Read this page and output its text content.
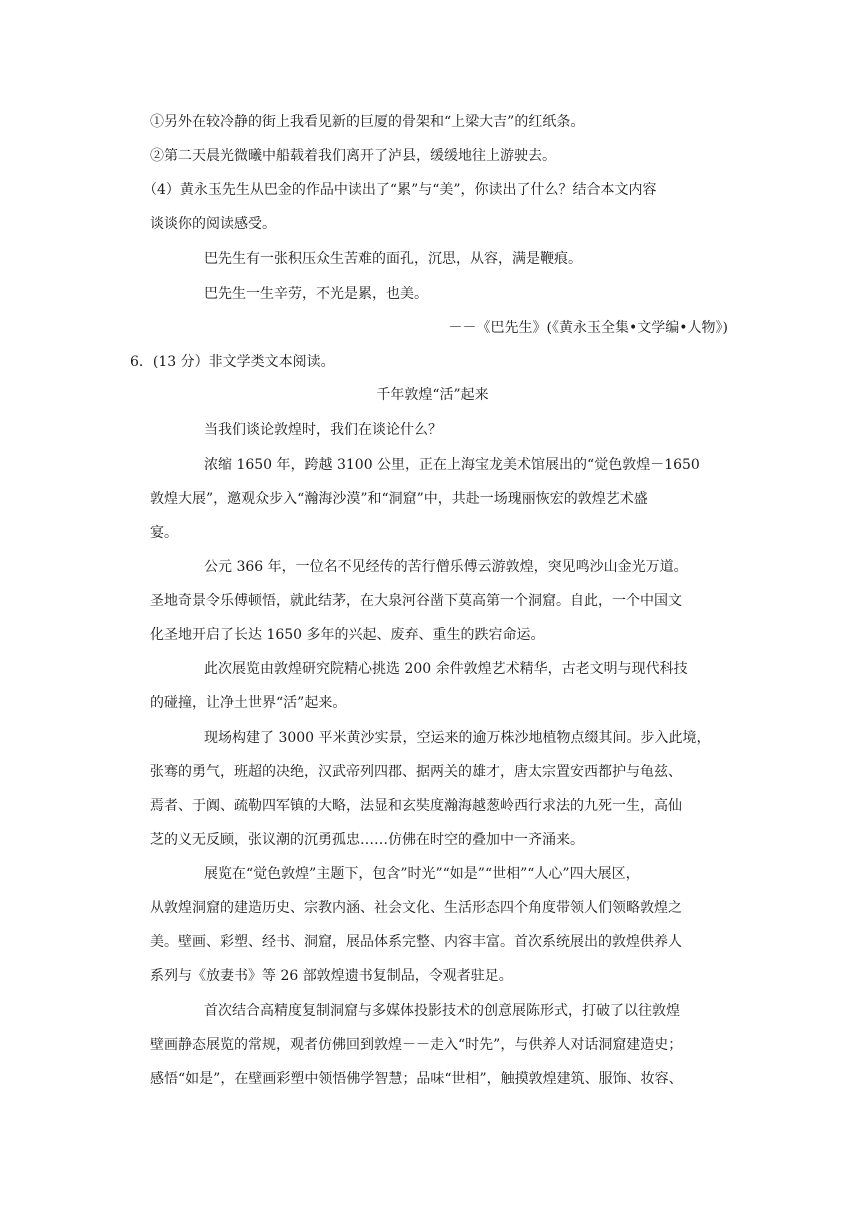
①另外在较冷静的街上我看见新的巨厦的骨架和“上梁大吉”的红纸条。
②第二天晨光微曦中船载着我们离开了泸县，缓缓地往上游驶去。
（4）黄永玉先生从巴金的作品中读出了“累”与“美”，你读出了什么？结合本文内容
谈谈你的阅读感受。
巴先生有一张积压众生苦难的面孔，沉思，从容，满是鞭痕。
巴先生一生辛劳，不光是累，也美。
－－《巴先生》(《黄永玉全集•文学编•人物》)
6．(13 分）非文学类文本阅读。
千年敦煌“活”起来
当我们谈论敦煌时，我们在谈论什么？
浓缩 1650 年，跨越 3100 公里，正在上海宝龙美术馆展出的“觉色敦煌－1650
敦煌大展”，邀观众步入“瀚海沙漠”和“洞窟”中，共赴一场瑰丽恢宏的敦煌艺术盛
宴。
公元 366 年，一位名不见经传的苦行僧乐傅云游敦煌，突见鸣沙山金光万道。
圣地奇景令乐傅顿悟，就此结茅，在大泉河谷凿下莫高第一个洞窟。自此，一个中国文
化圣地开启了长达 1650 多年的兴起、废弃、重生的跌宕命运。
此次展览由敦煌研究院精心挑选 200 余件敦煌艺术精华，古老文明与现代科技
的碰撞，让净土世界“活”起来。
现场构建了 3000 平米黄沙实景，空运来的逾万株沙地植物点缀其间。步入此境，
张骞的勇气，班超的决绝，汉武帝列四郡、据两关的雄才，唐太宗置安西都护与龟兹、
焉者、于阗、疏勒四军镇的大略，法显和玄奘度瀚海越葱岭西行求法的九死一生，高仙
芝的义无反顾，张议潮的沉勇孤忠……仿佛在时空的叠加中一齐涌来。
展览在“觉色敦煌”主题下，包含”时光”“如是”“世相”“人心”四大展区，
从敦煌洞窟的建造历史、宗教内涵、社会文化、生活形态四个角度带领人们领略敦煌之
美。壁画、彩塑、经书、洞窟，展品体系完整、内容丰富。首次系统展出的敦煌供养人
系列与《放妻书》等 26 部敦煌遗书复制品，令观者驻足。
首次结合高精度复制洞窟与多媒体投影技术的创意展陈形式，打破了以往敦煌
壁画静态展览的常规，观者仿佛回到敦煌－－走入“时先”，与供养人对话洞窟建造史；
感悟“如是”，在壁画彩塑中领悟佛学智慧；品味“世相”，触摸敦煌建筑、服饰、妆容、
